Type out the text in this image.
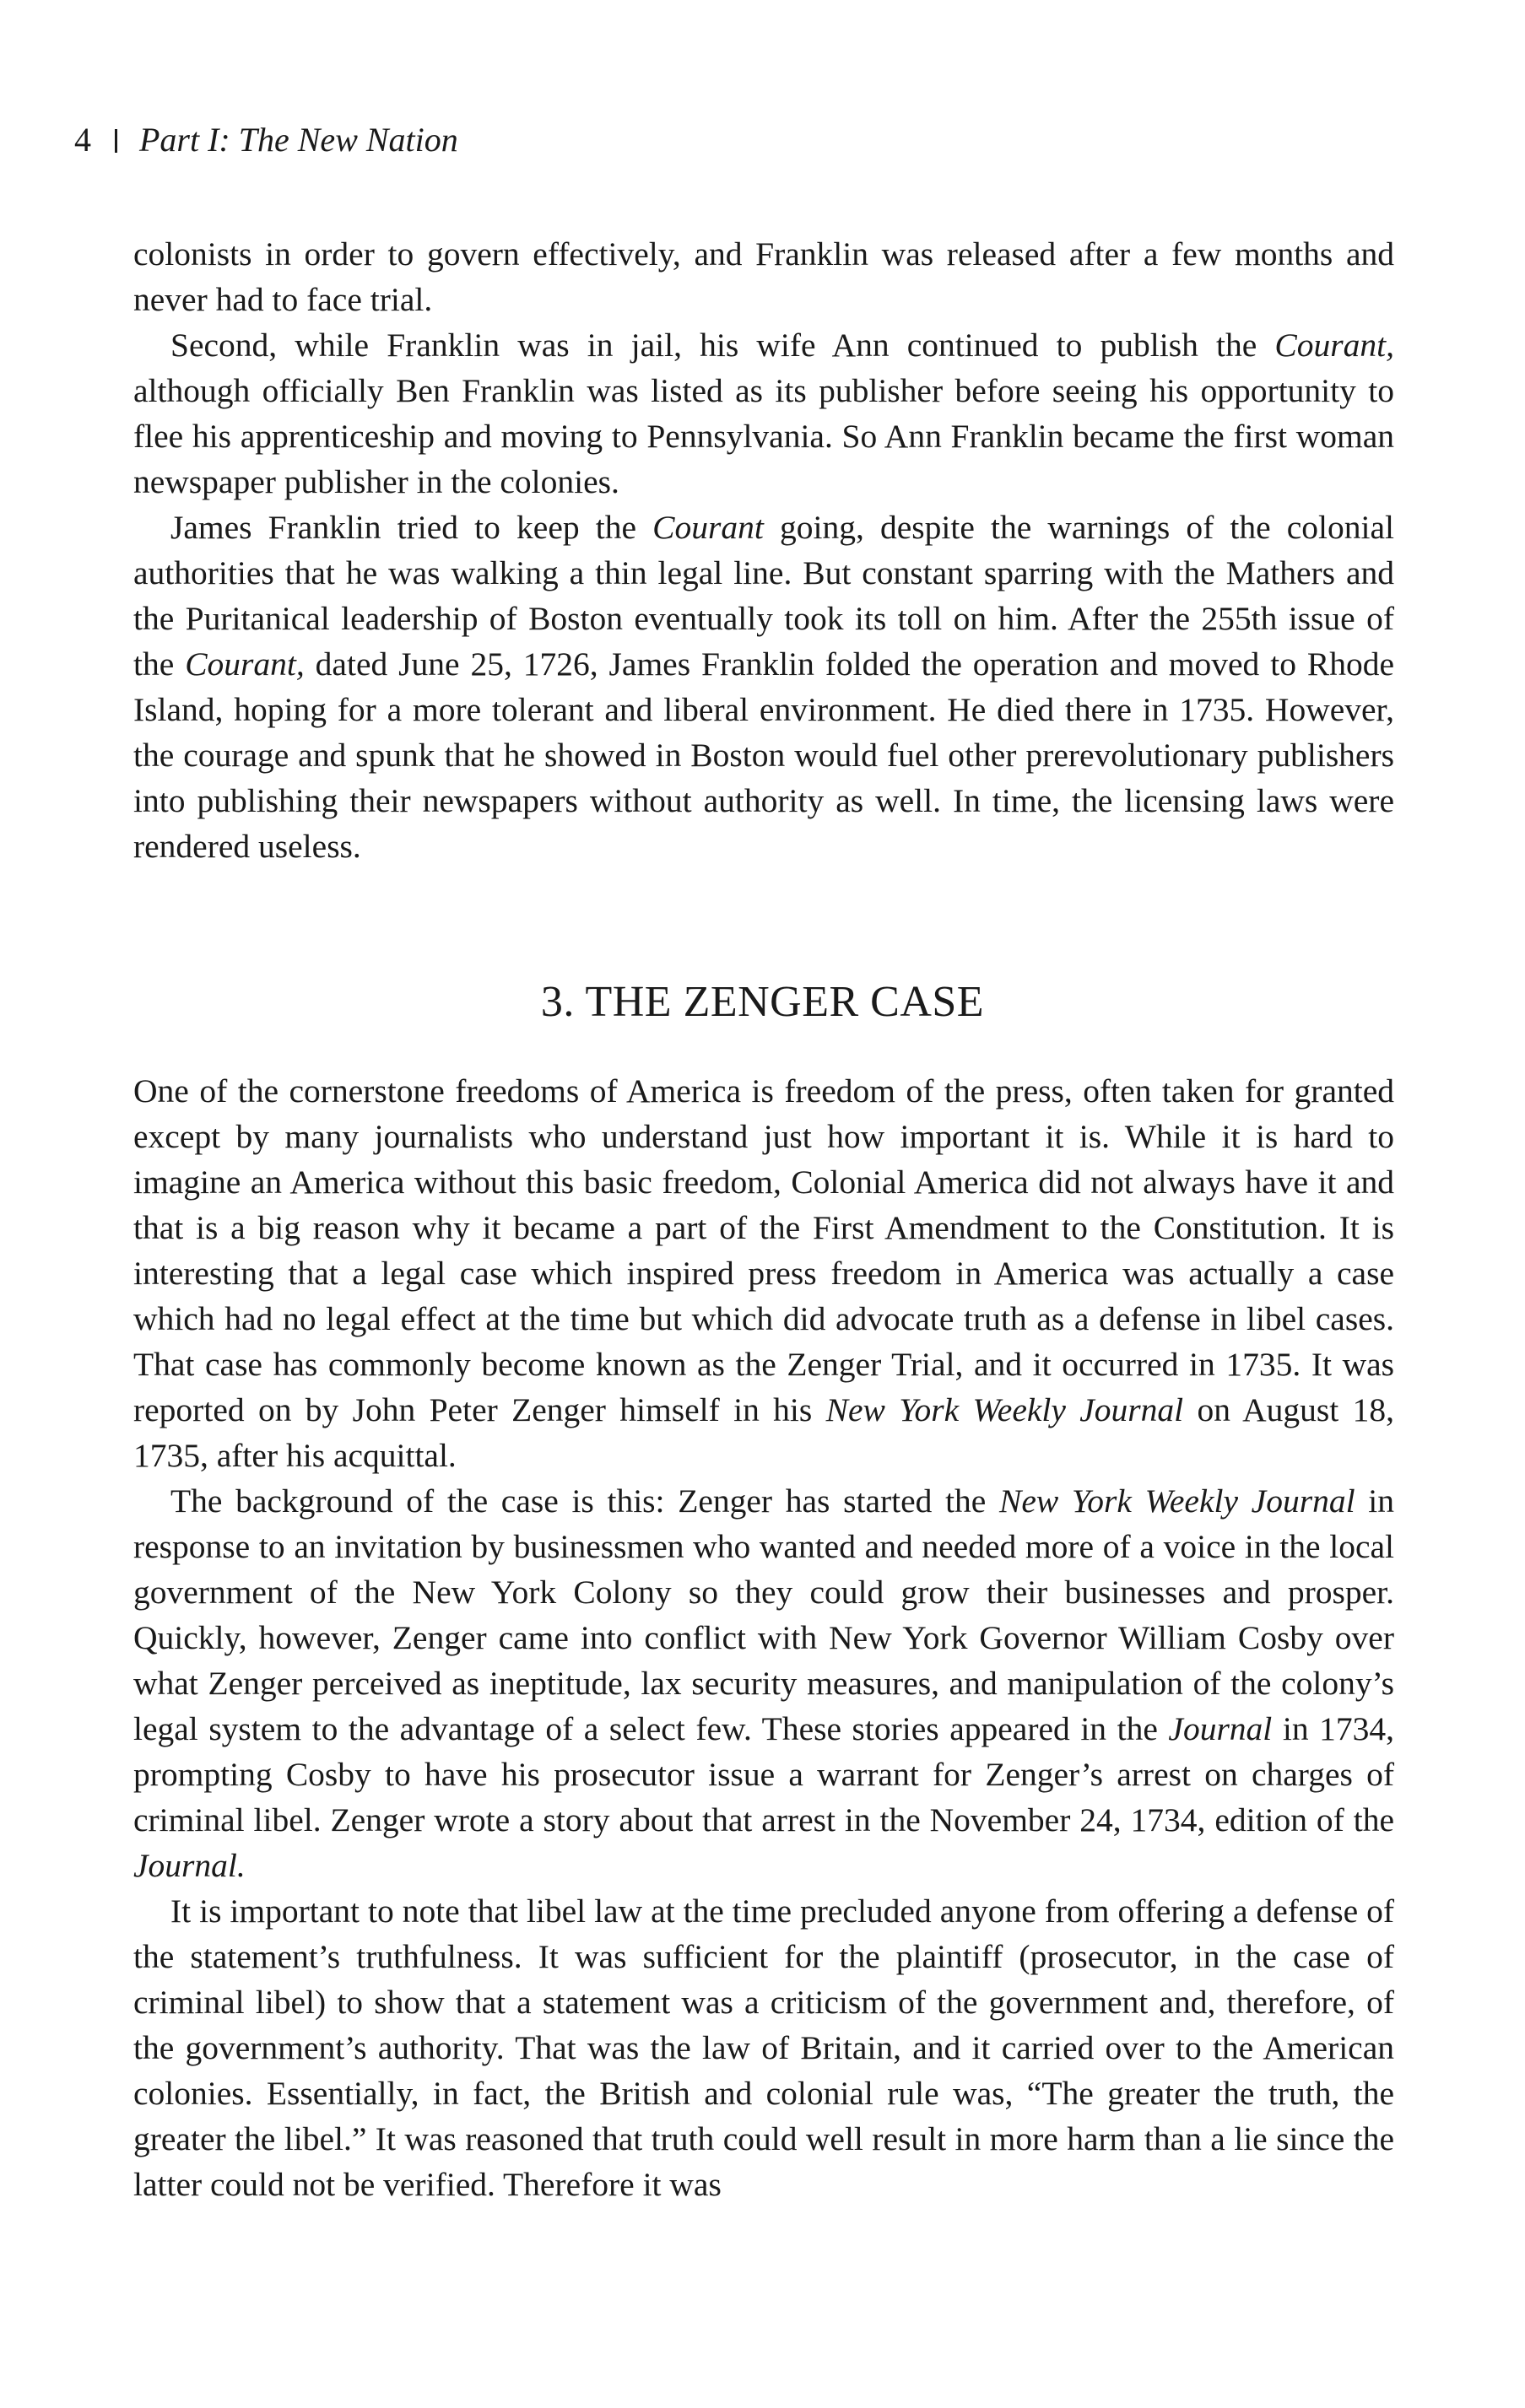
4 Part I: The New Nation

colonists in order to govern effectively, and Franklin was released after a few months and never had to face trial.

Second, while Franklin was in jail, his wife Ann continued to publish the Courant, although officially Ben Franklin was listed as its publisher before seeing his opportunity to flee his apprenticeship and moving to Pennsylvania. So Ann Franklin became the first woman newspaper publisher in the colonies.

James Franklin tried to keep the Courant going, despite the warnings of the colonial authorities that he was walking a thin legal line. But constant sparring with the Mathers and the Puritanical leadership of Boston eventually took its toll on him. After the 255th issue of the Courant, dated June 25, 1726, James Franklin folded the operation and moved to Rhode Island, hoping for a more tolerant and liberal environment. He died there in 1735. However, the courage and spunk that he showed in Boston would fuel other prerevolutionary publishers into publishing their newspapers without authority as well. In time, the licensing laws were rendered useless.

3. THE ZENGER CASE

One of the cornerstone freedoms of America is freedom of the press, often taken for granted except by many journalists who understand just how important it is. While it is hard to imagine an America without this basic freedom, Colonial America did not always have it and that is a big reason why it became a part of the First Amendment to the Constitution. It is interesting that a legal case which inspired press freedom in America was actually a case which had no legal effect at the time but which did advocate truth as a defense in libel cases. That case has commonly become known as the Zenger Trial, and it occurred in 1735. It was reported on by John Peter Zenger himself in his New York Weekly Journal on August 18, 1735, after his acquittal.

The background of the case is this: Zenger has started the New York Weekly Journal in response to an invitation by businessmen who wanted and needed more of a voice in the local government of the New York Colony so they could grow their businesses and prosper. Quickly, however, Zenger came into conflict with New York Governor William Cosby over what Zenger perceived as ineptitude, lax security measures, and manipulation of the colony’s legal system to the advantage of a select few. These stories appeared in the Journal in 1734, prompting Cosby to have his prosecutor issue a warrant for Zenger’s arrest on charges of criminal libel. Zenger wrote a story about that arrest in the November 24, 1734, edition of the Journal.

It is important to note that libel law at the time precluded anyone from offering a defense of the statement’s truthfulness. It was sufficient for the plaintiff (prosecutor, in the case of criminal libel) to show that a statement was a criticism of the government and, therefore, of the government’s authority. That was the law of Britain, and it carried over to the American colonies. Essentially, in fact, the British and colonial rule was, “The greater the truth, the greater the libel.” It was reasoned that truth could well result in more harm than a lie since the latter could not be verified. Therefore it was
